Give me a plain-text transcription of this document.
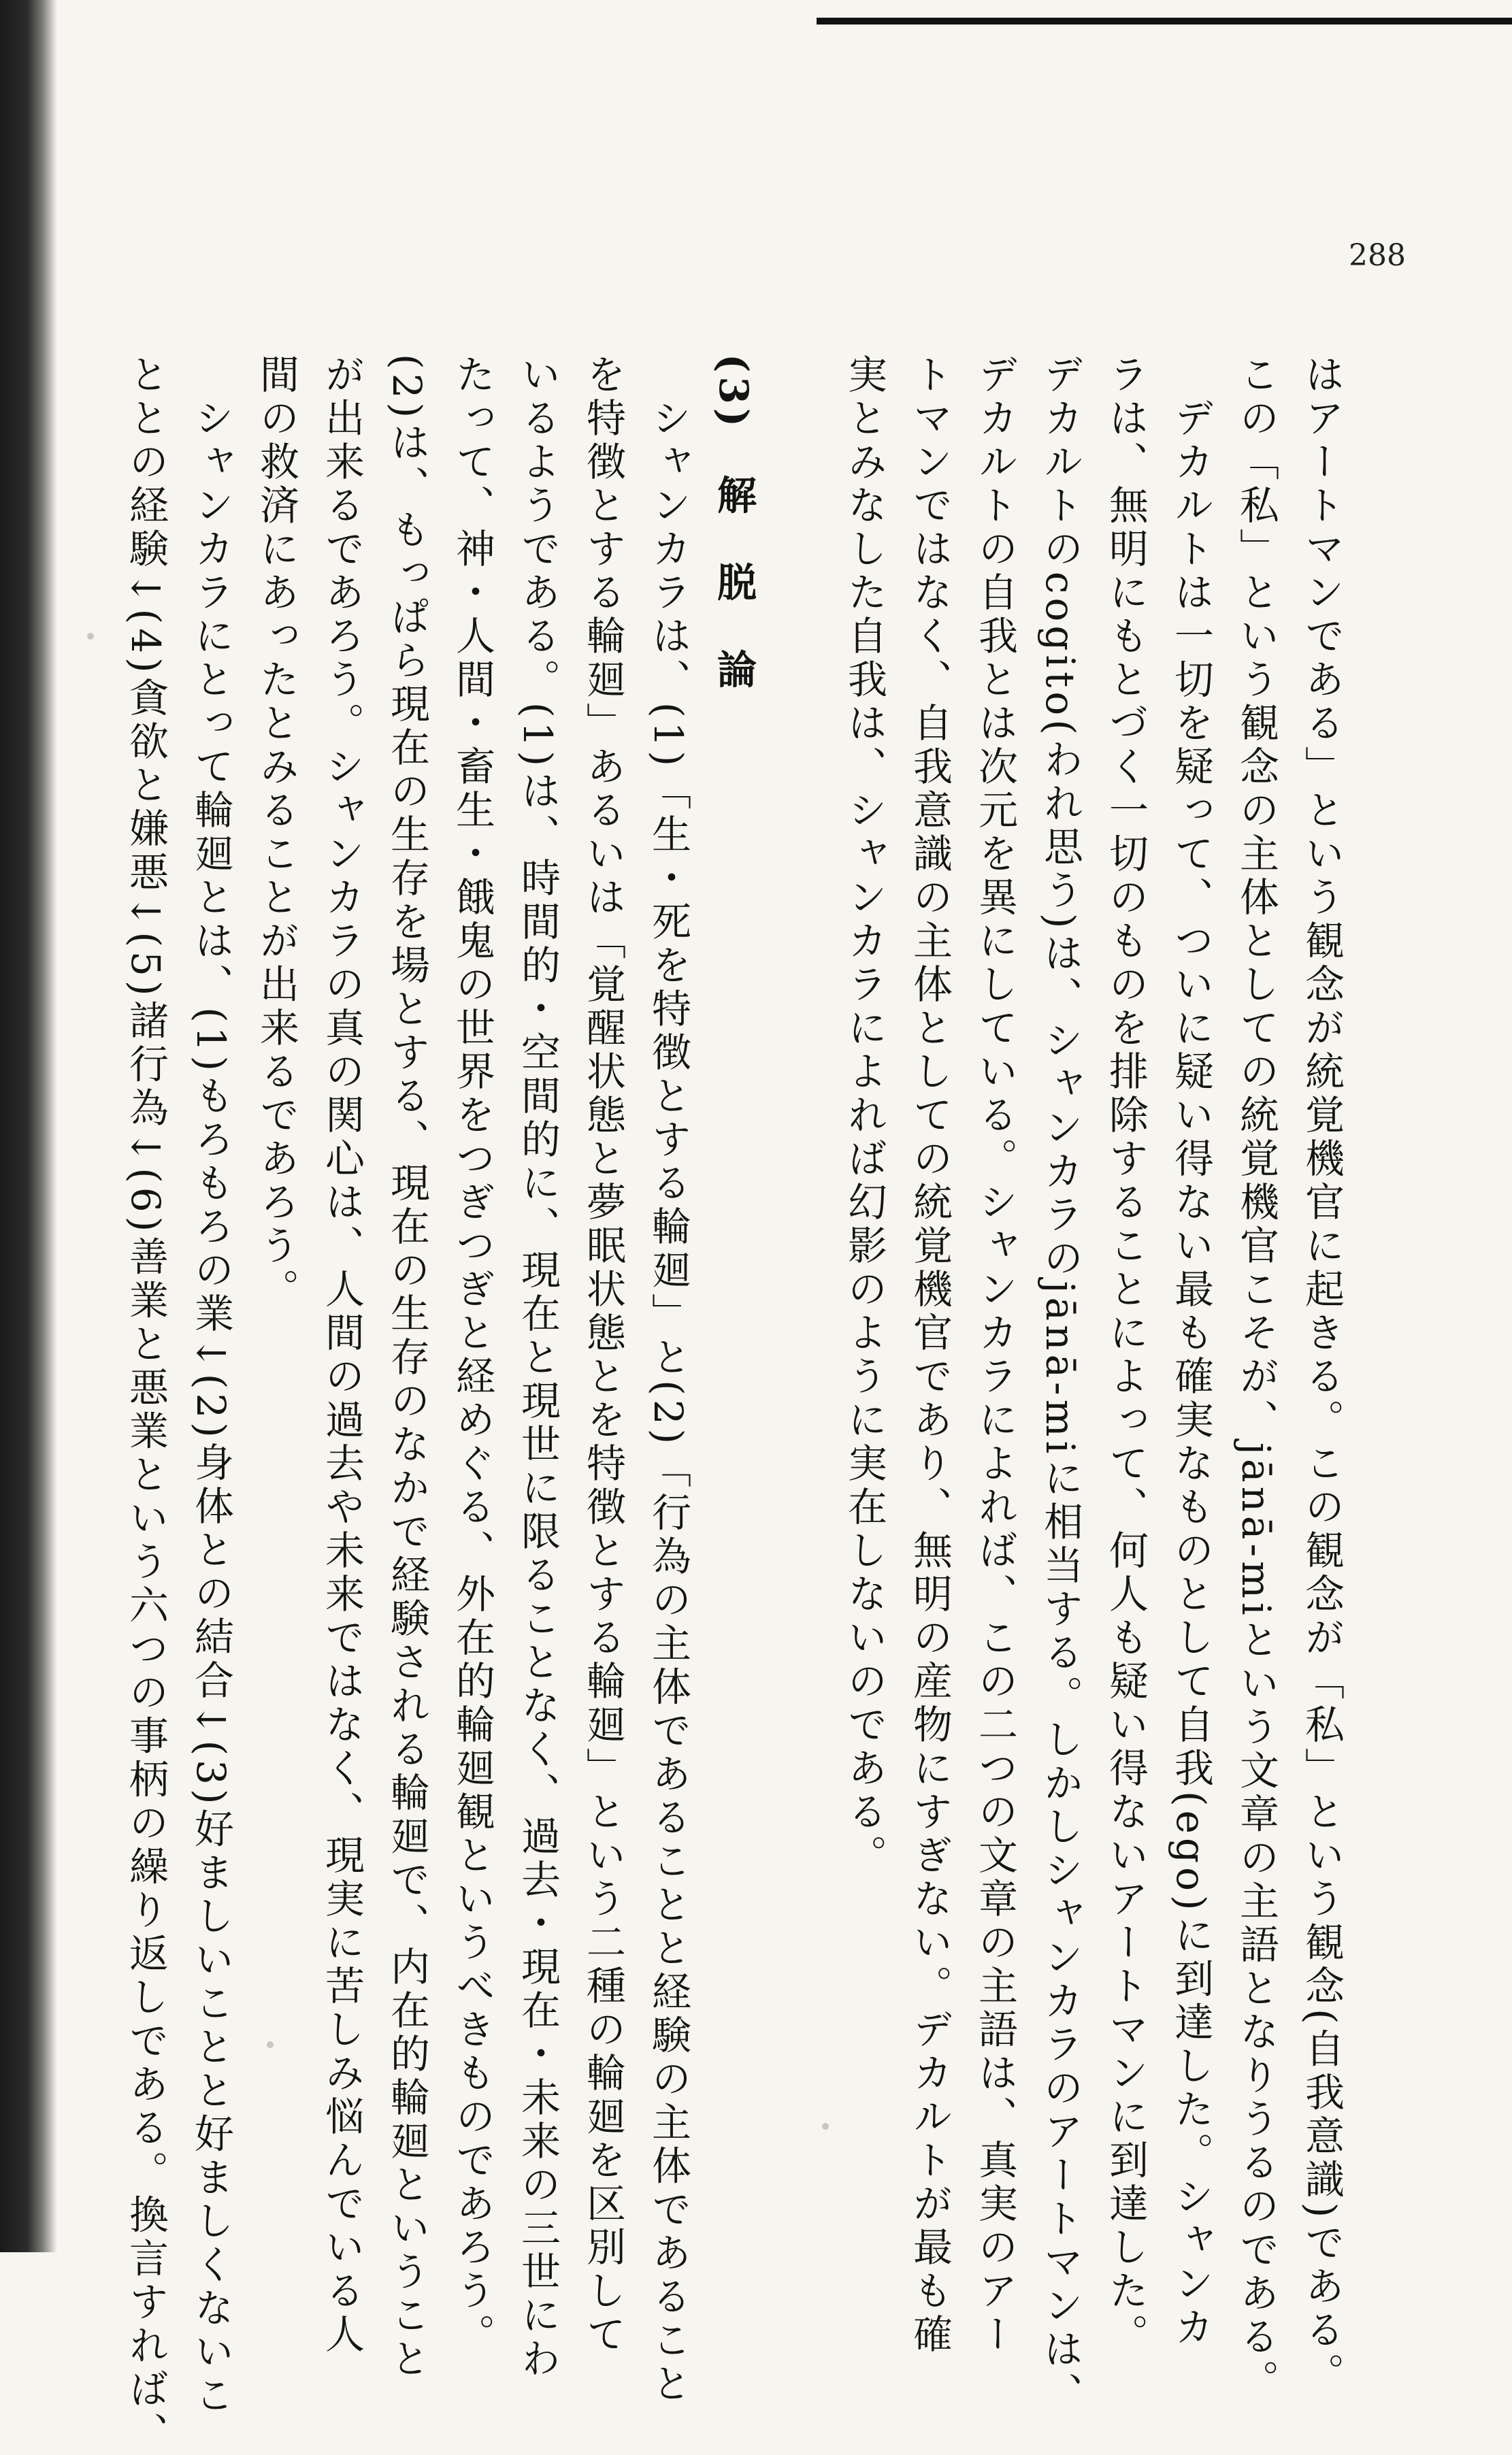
288
はアートマンである」という観念が統覚機官に起きる。この観念が「私」という観念(自我意識)である。
この「私」という観念の主体としての統覚機官こそが、jānā-miという文章の主語となりうるのである。
　デカルトは一切を疑って、ついに疑い得ない最も確実なものとして自我(ego)に到達した。シャンカ
ラは、無明にもとづく一切のものを排除することによって、何人も疑い得ないアートマンに到達した。
デカルトのcogito(われ思う)は、シャンカラのjānā-miに相当する。しかしシャンカラのアートマンは、
デカルトの自我とは次元を異にしている。シャンカラによれば、この二つの文章の主語は、真実のアー
トマンではなく、自我意識の主体としての統覚機官であり、無明の産物にすぎない。デカルトが最も確
実とみなした自我は、シャンカラによれば幻影のように実在しないのである。
(3)　解　脱　論
　シャンカラは、(1)「生・死を特徴とする輪廻」と(2)「行為の主体であることと経験の主体であること
を特徴とする輪廻」あるいは「覚醒状態と夢眠状態とを特徴とする輪廻」という二種の輪廻を区別して
いるようである。(1)は、時間的・空間的に、現在と現世に限ることなく、過去・現在・未来の三世にわ
たって、神・人間・畜生・餓鬼の世界をつぎつぎと経めぐる、外在的輪廻観というべきものであろう。
(2)は、もっぱら現在の生存を場とする、現在の生存のなかで経験される輪廻で、内在的輪廻ということ
が出来るであろう。シャンカラの真の関心は、人間の過去や未来ではなく、現実に苦しみ悩んでいる人
間の救済にあったとみることが出来るであろう。
　シャンカラにとって輪廻とは、(1)もろもろの業↓(2)身体との結合↓(3)好ましいことと好ましくないこ
ととの経験↓(4)貪欲と嫌悪↓(5)諸行為↓(6)善業と悪業という六つの事柄の繰り返しである。換言すれば、
